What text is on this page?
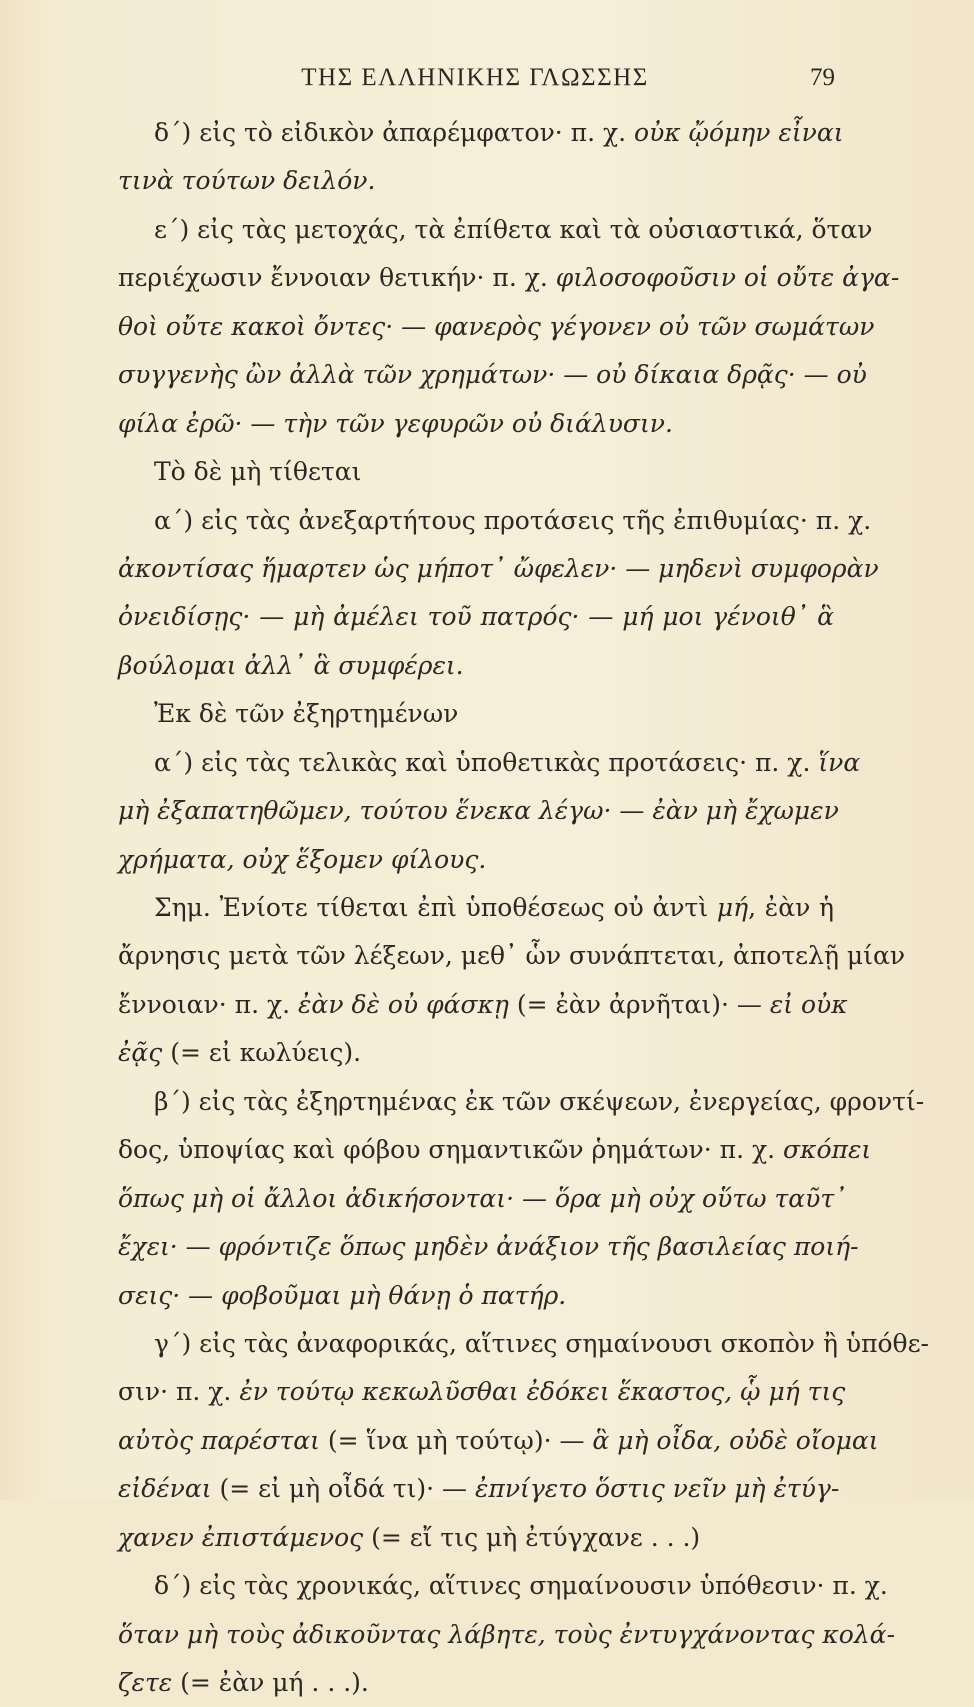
ΤΗΣ ΕΛΛΗΝΙΚΗΣ ΓΛΩΣΣΗΣ	79
δ΄) εἰς τὸ εἰδικὸν ἀπαρέμφατον· π. χ. οὐκ ᾤόμην εἶναι
τινὰ τούτων δειλόν.
ε΄) εἰς τὰς μετοχάς, τὰ ἐπίθετα καὶ τὰ οὐσιαστικά, ὅταν
περιέχωσιν ἔννοιαν θετικήν· π. χ. φιλοσοφοῦσιν οἱ οὔτε ἀγα-
θοὶ οὔτε κακοὶ ὄντες· — φανερὸς γέγονεν οὐ τῶν σωμάτων
συγγενὴς ὢν ἀλλὰ τῶν χρημάτων· — οὐ δίκαια δρᾷς· — οὐ
φίλα ἐρῶ· — τὴν τῶν γεφυρῶν οὐ διάλυσιν.
Τὸ δὲ μὴ τίθεται
α΄) εἰς τὰς ἀνεξαρτήτους προτάσεις τῆς ἐπιθυμίας· π. χ.
ἀκοντίσας ἥμαρτεν ὡς μήποτ᾽ ὤφελεν· — μηδενὶ συμφορὰν
ὀνειδίσῃς· — μὴ ἀμέλει τοῦ πατρός· — μή μοι γένοιθ᾽ ἃ
βούλομαι ἀλλ᾽ ἃ συμφέρει.
Ἐκ δὲ τῶν ἐξηρτημένων
α΄) εἰς τὰς τελικὰς καὶ ὑποθετικὰς προτάσεις· π. χ. ἵνα
μὴ ἐξαπατηθῶμεν, τούτου ἕνεκα λέγω· — ἐὰν μὴ ἔχωμεν
χρήματα, οὐχ ἕξομεν φίλους.
Σημ. Ἐνίοτε τίθεται ἐπὶ ὑποθέσεως οὐ ἀντὶ μή, ἐὰν ἡ
ἄρνησις μετὰ τῶν λέξεων, μεθ᾽ ὧν συνάπτεται, ἀποτελῇ μίαν
ἔννοιαν· π. χ. ἐὰν δὲ οὐ φάσκῃ (= ἐὰν ἀρνῆται)· — εἰ οὐκ
ἐᾷς (= εἰ κωλύεις).
β΄) εἰς τὰς ἐξηρτημένας ἐκ τῶν σκέψεων, ἐνεργείας, φροντί-
δος, ὑποψίας καὶ φόβου σημαντικῶν ῥημάτων· π. χ. σκόπει
ὅπως μὴ οἱ ἄλλοι ἀδικήσονται· — ὅρα μὴ οὐχ οὕτω ταῦτ᾽
ἔχει· — φρόντιζε ὅπως μηδὲν ἀνάξιον τῆς βασιλείας ποιή-
σεις· — φοβοῦμαι μὴ θάνῃ ὁ πατήρ.
γ΄) εἰς τὰς ἀναφορικάς, αἵτινες σημαίνουσι σκοπὸν ἢ ὑπόθε-
σιν· π. χ. ἐν τούτῳ κεκωλῦσθαι ἐδόκει ἕκαστος, ᾧ μή τις
αὐτὸς παρέσται (= ἵνα μὴ τούτῳ)· — ἃ μὴ οἶδα, οὐδὲ οἴομαι
εἰδέναι (= εἰ μὴ οἶδά τι)· — ἐπνίγετο ὅστις νεῖν μὴ ἐτύγ-
χανεν ἐπιστάμενος (= εἴ τις μὴ ἐτύγχανε . . .)
δ΄) εἰς τὰς χρονικάς, αἵτινες σημαίνουσιν ὑπόθεσιν· π. χ.
ὅταν μὴ τοὺς ἀδικοῦντας λάβητε, τοὺς ἐντυγχάνοντας κολά-
ζετε (= ἐὰν μή . . .).
